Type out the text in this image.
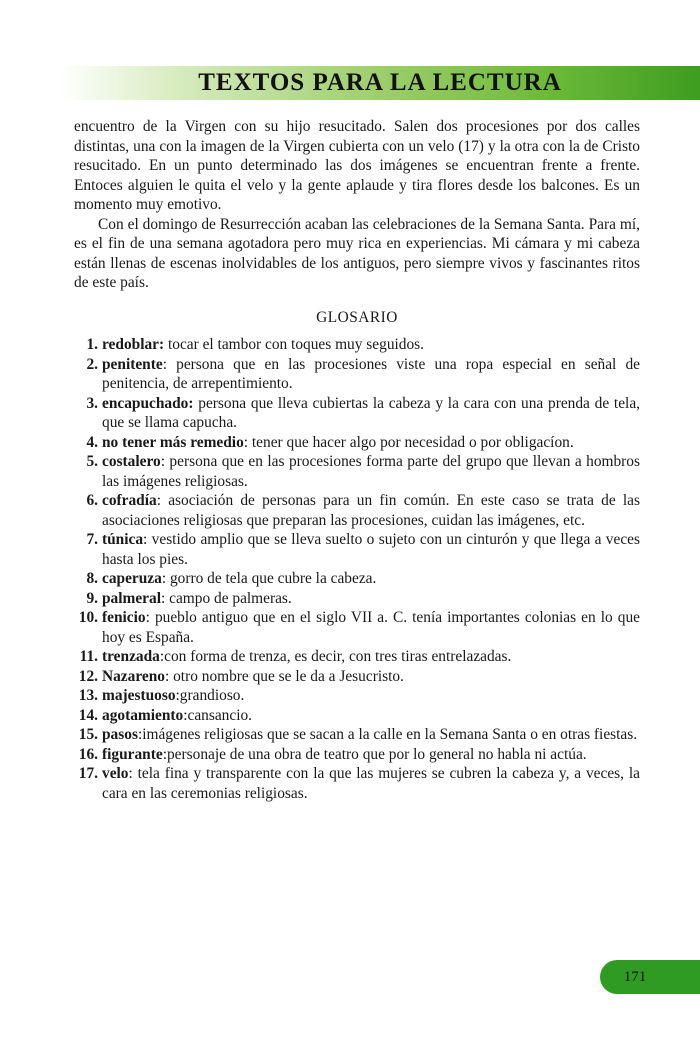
TEXTOS PARA LA LECTURA

encuentro de la Virgen con su hijo resucitado. Salen dos procesiones por dos calles distintas, una con la imagen de la Virgen cubierta con un velo (17) y la otra con la de Cristo resucitado. En un punto determinado las dos imágenes se encuentran frente a frente. Entoces alguien le quita el velo y la gente aplaude y tira flores desde los balcones. Es un momento muy emotivo.

Con el domingo de Resurrección acaban las celebraciones de la Semana Santa. Para mí, es el fin de una semana agotadora pero muy rica en experiencias. Mi cámara y mi cabeza están llenas de escenas inolvidables de los antiguos, pero siempre vivos y fascinantes ritos de este país.

GLOSARIO
1. redoblar: tocar el tambor con toques muy seguidos.
2. penitente: persona que en las procesiones viste una ropa especial en señal de penitencia, de arrepentimiento.
3. encapuchado: persona que lleva cubiertas la cabeza y la cara con una prenda de tela, que se llama capucha.
4. no tener más remedio: tener que hacer algo por necesidad o por obligacíon.
5. costalero: persona que en las procesiones forma parte del grupo que llevan a hombros las imágenes religiosas.
6. cofradía: asociación de personas para un fin común. En este caso se trata de las asociaciones religiosas que preparan las procesiones, cuidan las imágenes, etc.
7. túnica: vestido amplio que se lleva suelto o sujeto con un cinturón y que llega a veces hasta los pies.
8. caperuza: gorro de tela que cubre la cabeza.
9. palmeral: campo de palmeras.
10. fenicio: pueblo antiguo que en el siglo VII a. C. tenía importantes colonias en lo que hoy es España.
11. trenzada:con forma de trenza, es decir, con tres tiras entrelazadas.
12. Nazareno: otro nombre que se le da a Jesucristo.
13. majestuoso:grandioso.
14. agotamiento:cansancio.
15. pasos:imágenes religiosas que se sacan a la calle en la Semana Santa o en otras fiestas.
16. figurante:personaje de una obra de teatro que por lo general no habla ni actúa.
17. velo: tela fina y transparente con la que las mujeres se cubren la cabeza y, a veces, la cara en las ceremonias religiosas.
171
